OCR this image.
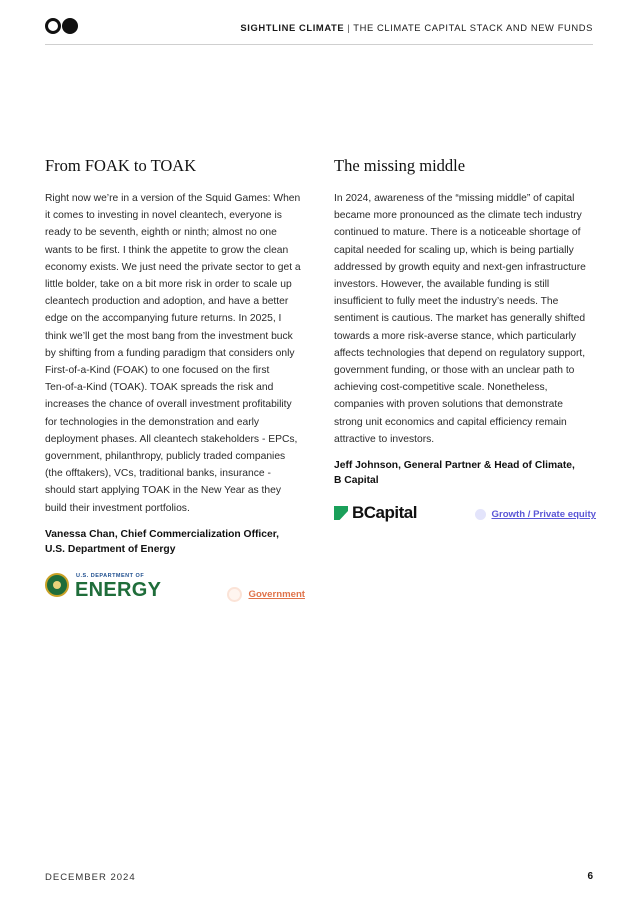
SIGHTLINE CLIMATE | THE CLIMATE CAPITAL STACK AND NEW FUNDS
From FOAK to TOAK

Right now we’re in a version of the Squid Games: When
it comes to investing in novel cleantech, everyone is
ready to be seventh, eighth or ninth; almost no one
wants to be first. I think the appetite to grow the clean
economy exists. We just need the private sector to get a
little bolder, take on a bit more risk in order to scale up
cleantech production and adoption, and have a better
edge on the accompanying future returns. In 2025, I
think we’ll get the most bang from the investment buck
by shifting from a funding paradigm that considers only
First-of-a-Kind (FOAK) to one focused on the first
Ten-of-a-Kind (TOAK). TOAK spreads the risk and
increases the chance of overall investment profitability
for technologies in the demonstration and early
deployment phases. All cleantech stakeholders - EPCs,
government, philanthropy, publicly traded companies
(the offtakers), VCs, traditional banks, insurance -
should start applying TOAK in the New Year as they
build their investment portfolios.

Vanessa Chan, Chief Commercialization Officer,
U.S. Department of Energy
U.S. DEPARTMENT OF
ENERGY	Government
The missing middle

In 2024, awareness of the “missing middle” of capital
became more pronounced as the climate tech industry
continued to mature. There is a noticeable shortage of
capital needed for scaling up, which is being partially
addressed by growth equity and next-gen infrastructure
investors. However, the available funding is still
insufficient to fully meet the industry’s needs. The
sentiment is cautious. The market has generally shifted
towards a more risk-averse stance, which particularly
affects technologies that depend on regulatory support,
government funding, or those with an unclear path to
achieving cost-competitive scale. Nonetheless,
companies with proven solutions that demonstrate
strong unit economics and capital efficiency remain
attractive to investors.

Jeff Johnson, General Partner & Head of Climate,
B Capital
BCapital	Growth / Private equity
DECEMBER 2024	6
